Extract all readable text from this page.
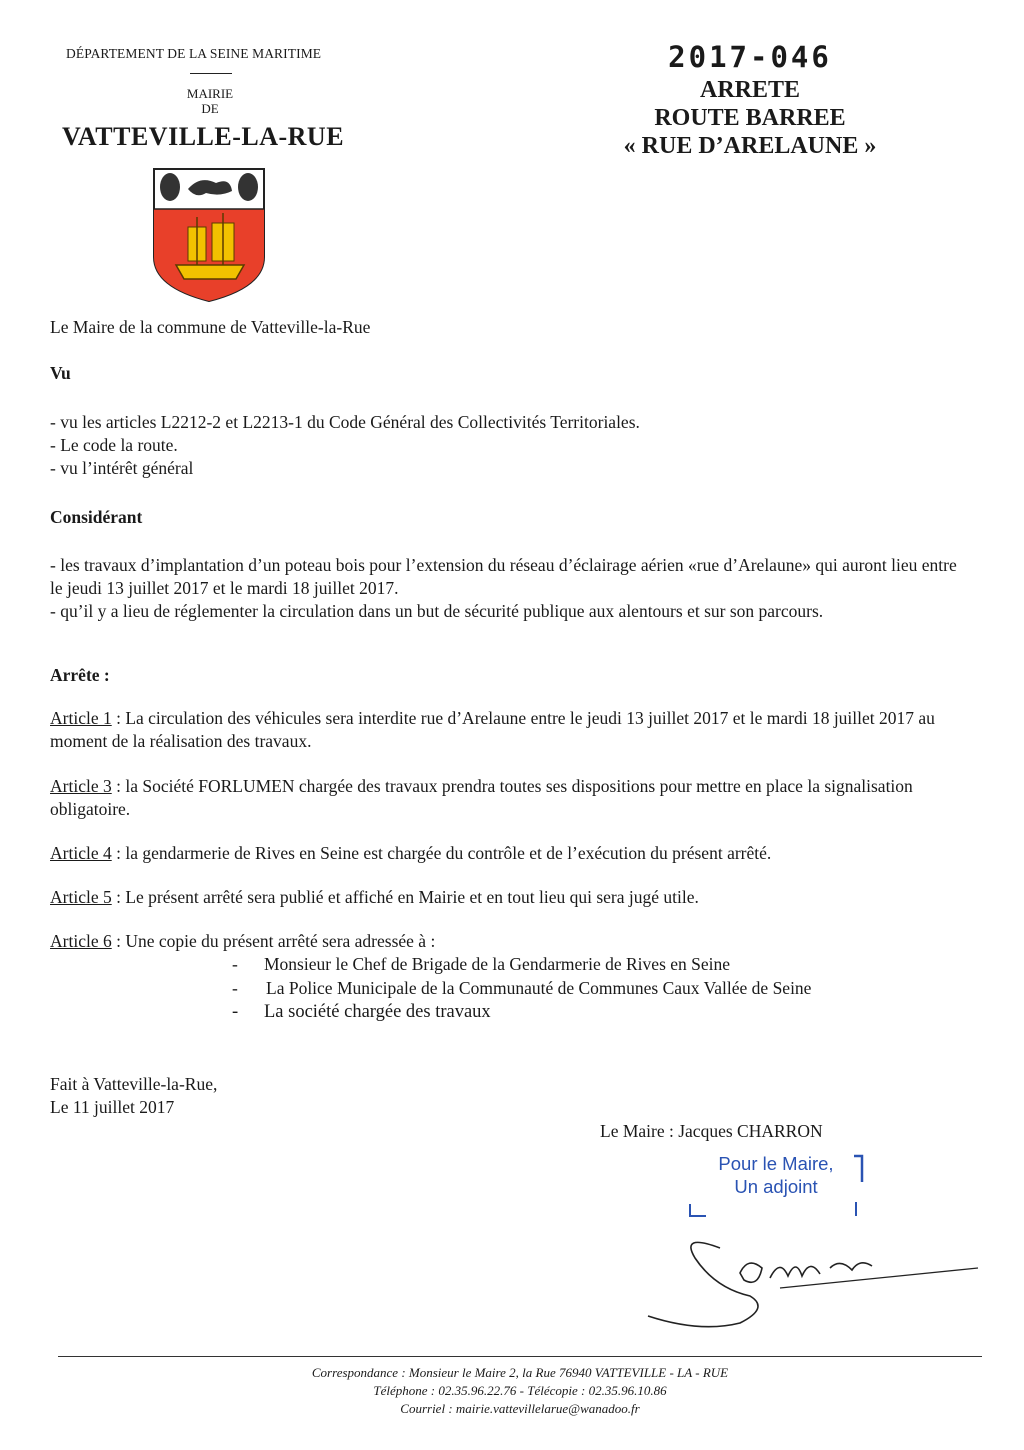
DÉPARTEMENT DE LA SEINE MARITIME
MAIRIE
DE
VATTEVILLE-LA-RUE
2017-046
ARRETE
ROUTE BARREE
« RUE D’ARELAUNE »
Le Maire de la commune de Vatteville-la-Rue
Vu
- vu les articles L2212-2 et L2213-1 du Code Général des Collectivités Territoriales.
- Le code la route.
- vu l’intérêt général
Considérant
- les travaux d’implantation d’un poteau bois pour l’extension du réseau d’éclairage aérien «rue d’Arelaune» qui auront lieu entre le jeudi 13 juillet 2017 et le mardi 18 juillet 2017.
- qu’il y a lieu de réglementer la circulation dans un but de sécurité publique aux alentours et sur son parcours.
Arrête :
Article 1 : La circulation des véhicules sera interdite rue d’Arelaune entre le jeudi 13 juillet 2017 et le mardi 18 juillet 2017 au moment de la réalisation des travaux.
Article 3 : la Société FORLUMEN chargée des travaux prendra toutes ses dispositions pour mettre en place la signalisation obligatoire.
Article 4 : la gendarmerie de Rives en Seine est chargée du contrôle et de l’exécution du présent arrêté.
Article 5 : Le présent arrêté sera publié et affiché en Mairie et en tout lieu qui sera jugé utile.
Article 6 : Une copie du présent arrêté sera adressée à :
- Monsieur le Chef de Brigade de la Gendarmerie de Rives en Seine
- La Police Municipale de la Communauté de Communes Caux Vallée de Seine
- La société chargée des travaux
Fait à Vatteville-la-Rue,
Le 11 juillet 2017
Le Maire : Jacques CHARRON
Pour le Maire,
Un adjoint
Correspondance : Monsieur le Maire 2, la Rue 76940 VATTEVILLE - LA - RUE
Téléphone : 02.35.96.22.76 - Télécopie : 02.35.96.10.86
Courriel : mairie.vattevillelarue@wanadoo.fr
